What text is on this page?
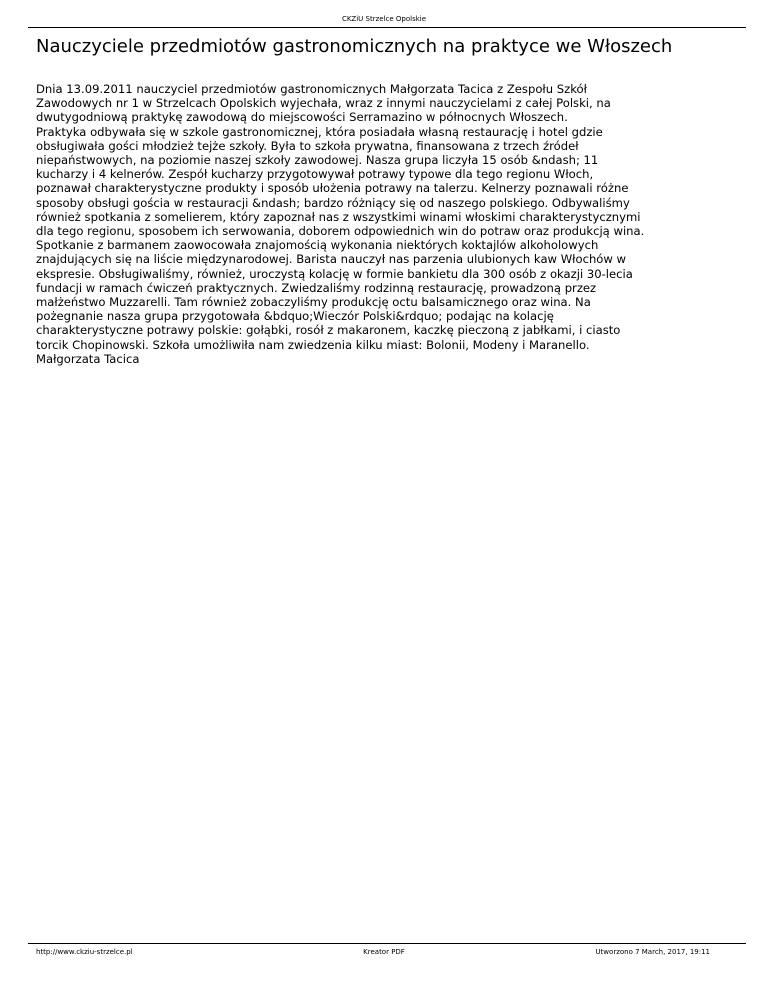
CKZiU Strzelce Opolskie
Nauczyciele przedmiotów gastronomicznych na praktyce we Włoszech
Dnia 13.09.2011 nauczyciel przedmiotów gastronomicznych Małgorzata Tacica z Zespołu Szkół
Zawodowych nr 1 w Strzelcach Opolskich wyjechała, wraz z innymi nauczycielami z całej Polski, na
dwutygodniową praktykę zawodową do miejscowości Serramazino w północnych Włoszech.
Praktyka odbywała się w szkole gastronomicznej, która posiadała własną restaurację i hotel gdzie
obsługiwała gości młodzież tejże szkoły. Była to szkoła prywatna, finansowana z trzech źródeł
niepaństwowych, na poziomie naszej szkoły zawodowej. Nasza grupa liczyła 15 osób &ndash; 11
kucharzy i 4 kelnerów. Zespół kucharzy przygotowywał potrawy typowe dla tego regionu Włoch,
poznawał charakterystyczne produkty i sposób ułożenia potrawy na talerzu. Kelnerzy poznawali różne
sposoby obsługi gościa w restauracji &ndash; bardzo różniący się od naszego polskiego. Odbywaliśmy
również spotkania z somelierem, który zapoznał nas z wszystkimi winami włoskimi charakterystycznymi
dla tego regionu, sposobem ich serwowania, doborem odpowiednich win do potraw oraz produkcją wina.
Spotkanie z barmanem zaowocowała znajomością wykonania niektórych koktajlów alkoholowych
znajdujących się na liście międzynarodowej. Barista nauczył nas parzenia ulubionych kaw Włochów w
ekspresie. Obsługiwaliśmy, również, uroczystą kolację w formie bankietu dla 300 osób z okazji 30-lecia
fundacji w ramach ćwiczeń praktycznych. Zwiedzaliśmy rodzinną restaurację, prowadzoną przez
małżeństwo Muzzarelli. Tam również zobaczyliśmy produkcję octu balsamicznego oraz wina. Na
pożegnanie nasza grupa przygotowała &bdquo;Wieczór Polski&rdquo; podając na kolację
charakterystyczne potrawy polskie: gołąbki, rosół z makaronem, kaczkę pieczoną z jabłkami, i ciasto
torcik Chopinowski. Szkoła umożliwiła nam zwiedzenia kilku miast: Bolonii, Modeny i Maranello.
Małgorzata Tacica
http://www.ckziu-strzelce.pl	Kreator PDF	Utworzono 7 March, 2017, 19:11
